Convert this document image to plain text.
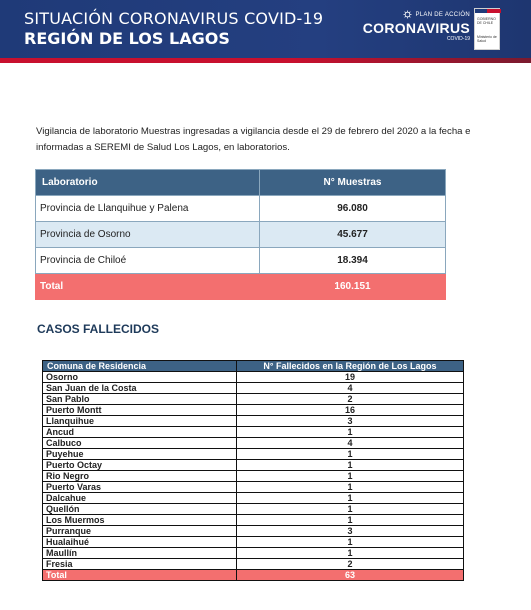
SITUACIÓN CORONAVIRUS COVID-19
REGIÓN DE LOS LAGOS
PLAN DE ACCIÓN
CORONAVIRUS
COVID-19
GOBIERNO DE CHILE
Ministerio de Salud

Vigilancia de laboratorio Muestras ingresadas a vigilancia desde el 29 de febrero del 2020 a la fecha e informadas a SEREMI de Salud Los Lagos, en laboratorios.

Laboratorio	N° Muestras
Provincia de Llanquihue y Palena	96.080
Provincia de Osorno	45.677
Provincia de Chiloé	18.394
Total	160.151
CASOS FALLECIDOS
Comuna de Residencia	N° Fallecidos en la Región de Los Lagos
Osorno	19
San Juan de la Costa	4
San Pablo	2
Puerto Montt	16
Llanquihue	3
Ancud	1
Calbuco	4
Puyehue	1
Puerto Octay	1
Rio Negro	1
Puerto Varas	1
Dalcahue	1
Quellón	1
Los Muermos	1
Purranque	3
Hualaihué	1
Maullín	1
Fresia	2
Total	63
